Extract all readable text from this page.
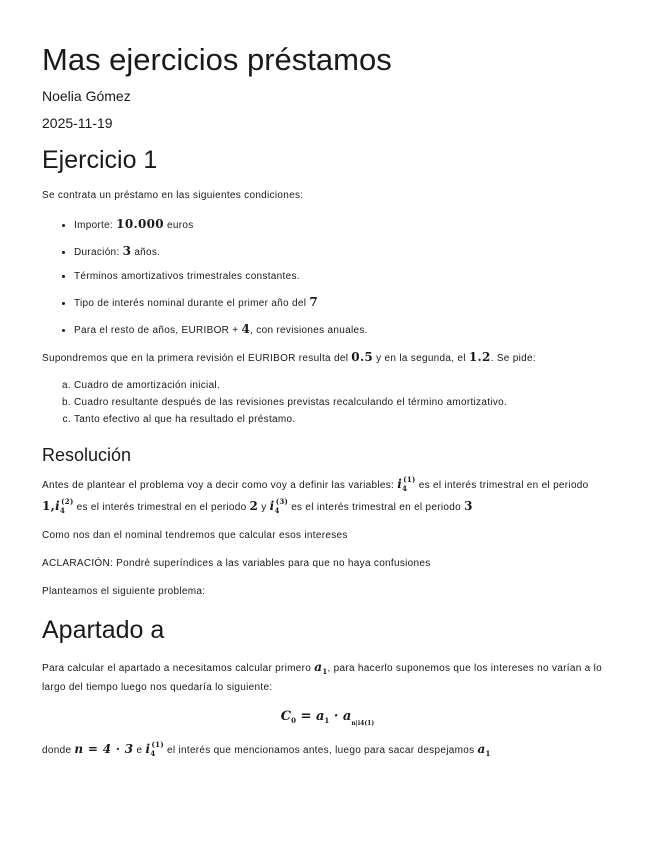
Mas ejercicios préstamos
Noelia Gómez
2025-11-19
Ejercicio 1

Se contrata un préstamo en las siguientes condiciones:

• Importe: 10.000 euros
• Duración: 3 años.
• Términos amortizativos trimestrales constantes.
• Tipo de interés nominal durante el primer año del 7
• Para el resto de años, EURIBOR + 4, con revisiones anuales.

Supondremos que en la primera revisión el EURIBOR resulta del 0.5 y en la segunda, el 1.2. Se pide:

a. Cuadro de amortización inicial.
b. Cuadro resultante después de las revisiones previstas recalculando el término amortizativo.
c. Tanto efectivo al que ha resultado el préstamo.
Resolución

Antes de plantear el problema voy a decir como voy a definir las variables: $i_4^{(1)}$ es el interés trimestral en el periodo $1,i_4^{(2)}$ es el interés trimestral en el periodo 2 y $i_4^{(3)}$ es el interés trimestral en el periodo 3

Como nos dan el nominal tendremos que calcular esos intereses

ACLARACIÓN: Pondré superíndices a las variables para que no haya confusiones

Planteamos el siguiente problema:

Apartado a

Para calcular el apartado a necesitamos calcular primero $a_1$, para hacerlo suponemos que los intereses no varían a lo largo del tiempo luego nos quedaría lo siguiente:

$C_0 = a_1 \cdot a_{n|i4(1)}$

donde n = 4 · 3 e $i_4^{(1)}$ el interés que mencionamos antes, luego para sacar despejamos $a_1$
